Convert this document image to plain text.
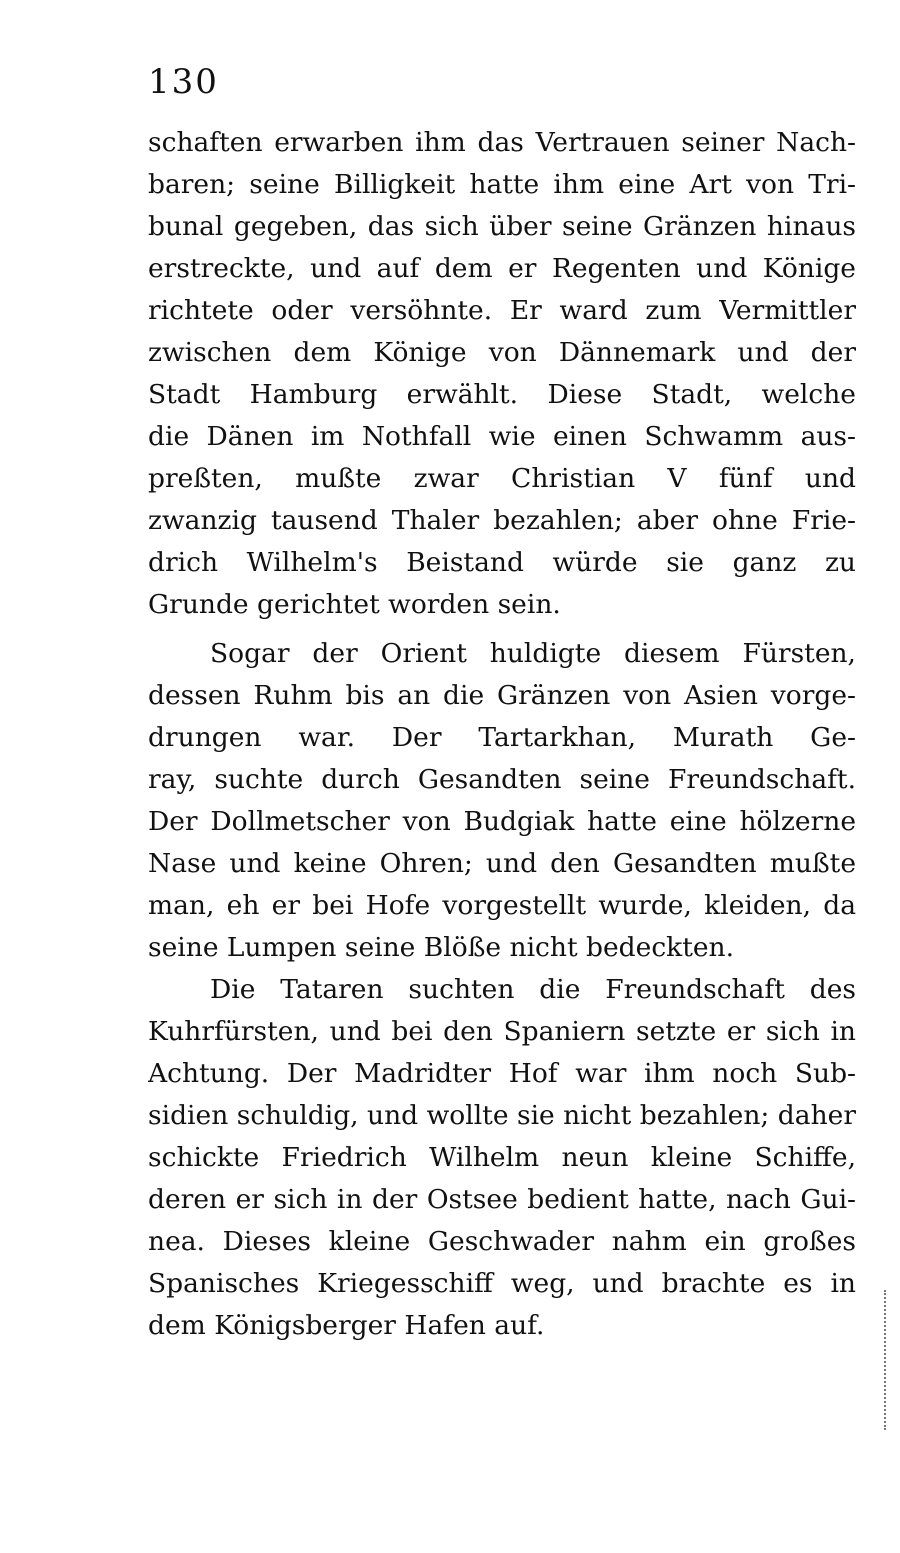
130
schaften erwarben ihm das Vertrauen seiner Nach-
baren; seine Billigkeit hatte ihm eine Art von Tri-
bunal gegeben, das sich über seine Gränzen hinaus
erstreckte, und auf dem er Regenten und Könige
richtete oder versöhnte. Er ward zum Vermittler
zwischen dem Könige von Dännemark und der
Stadt Hamburg erwählt. Diese Stadt, welche
die Dänen im Nothfall wie einen Schwamm aus-
preßten, mußte zwar Christian V fünf und
zwanzig tausend Thaler bezahlen; aber ohne Frie-
drich Wilhelm's Beistand würde sie ganz zu
Grunde gerichtet worden sein.
Sogar der Orient huldigte diesem Fürsten,
dessen Ruhm bis an die Gränzen von Asien vorge-
drungen war. Der Tartarkhan, Murath Ge-
ray, suchte durch Gesandten seine Freundschaft.
Der Dollmetscher von Budgiak hatte eine hölzerne
Nase und keine Ohren; und den Gesandten mußte
man, eh er bei Hofe vorgestellt wurde, kleiden, da
seine Lumpen seine Blöße nicht bedeckten.
Die Tataren suchten die Freundschaft des
Kuhrfürsten, und bei den Spaniern setzte er sich in
Achtung. Der Madridter Hof war ihm noch Sub-
sidien schuldig, und wollte sie nicht bezahlen; daher
schickte Friedrich Wilhelm neun kleine Schiffe,
deren er sich in der Ostsee bedient hatte, nach Gui-
nea. Dieses kleine Geschwader nahm ein großes
Spanisches Kriegesschiff weg, und brachte es in
dem Königsberger Hafen auf.
